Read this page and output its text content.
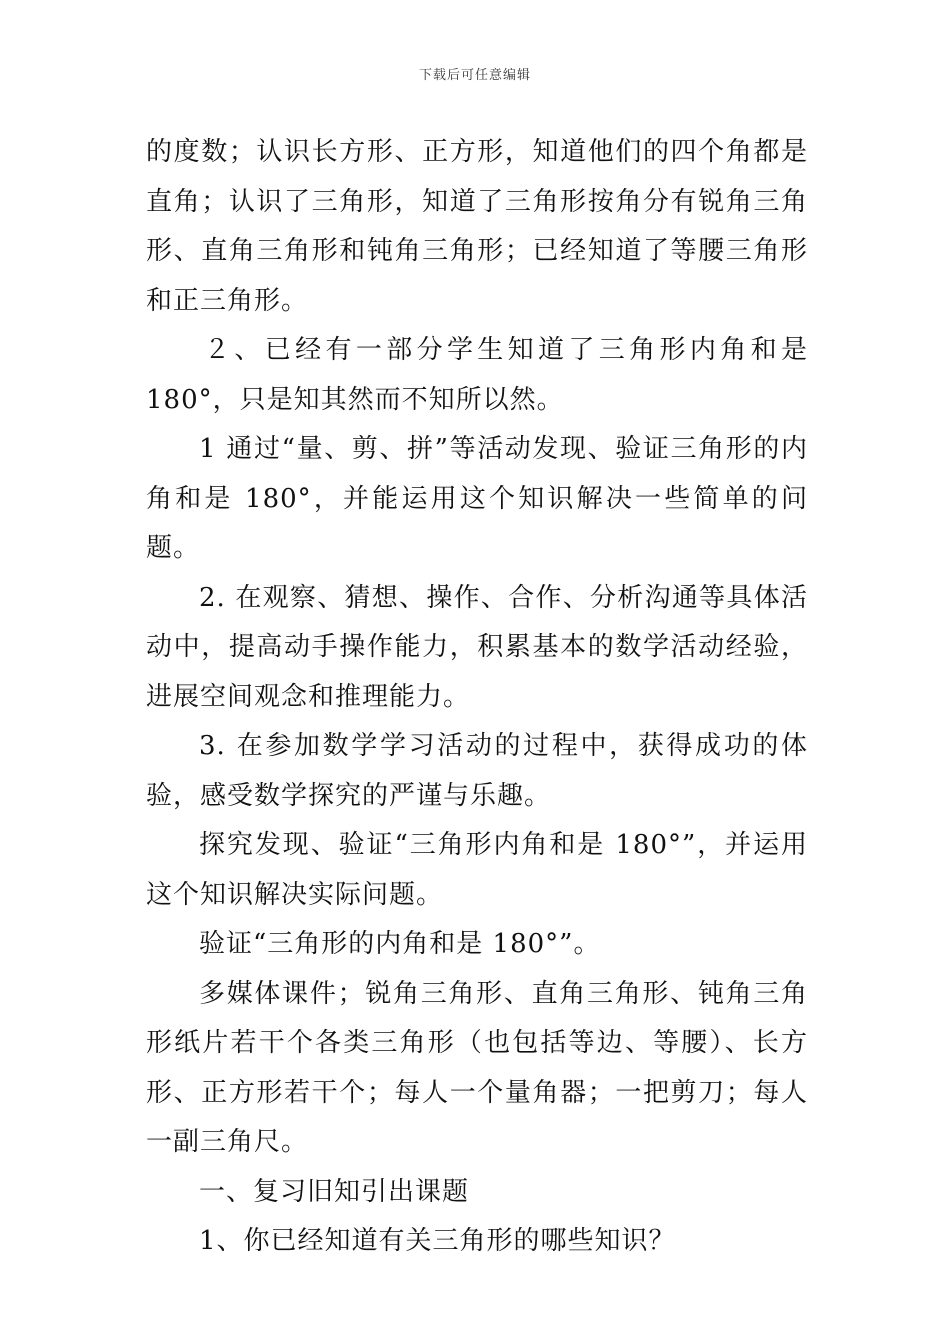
下载后可任意编辑

的度数；认识长方形、正方形，知道他们的四个角都是直角；认识了三角形，知道了三角形按角分有锐角三角形、直角三角形和钝角三角形；已经知道了等腰三角形和正三角形。

２、已经有一部分学生知道了三角形内角和是 180°，只是知其然而不知所以然。

1 通过“量、剪、拼”等活动发现、验证三角形的内角和是 180°，并能运用这个知识解决一些简单的问题。

2. 在观察、猜想、操作、合作、分析沟通等具体活动中，提高动手操作能力，积累基本的数学活动经验，进展空间观念和推理能力。

3. 在参加数学学习活动的过程中，获得成功的体验，感受数学探究的严谨与乐趣。

探究发现、验证“三角形内角和是 180°”，并运用这个知识解决实际问题。

验证“三角形的内角和是 180°”。

多媒体课件；锐角三角形、直角三角形、钝角三角形纸片若干个各类三角形（也包括等边、等腰）、长方形、正方形若干个；每人一个量角器；一把剪刀；每人一副三角尺。

一、复习旧知引出课题

1、你已经知道有关三角形的哪些知识？
